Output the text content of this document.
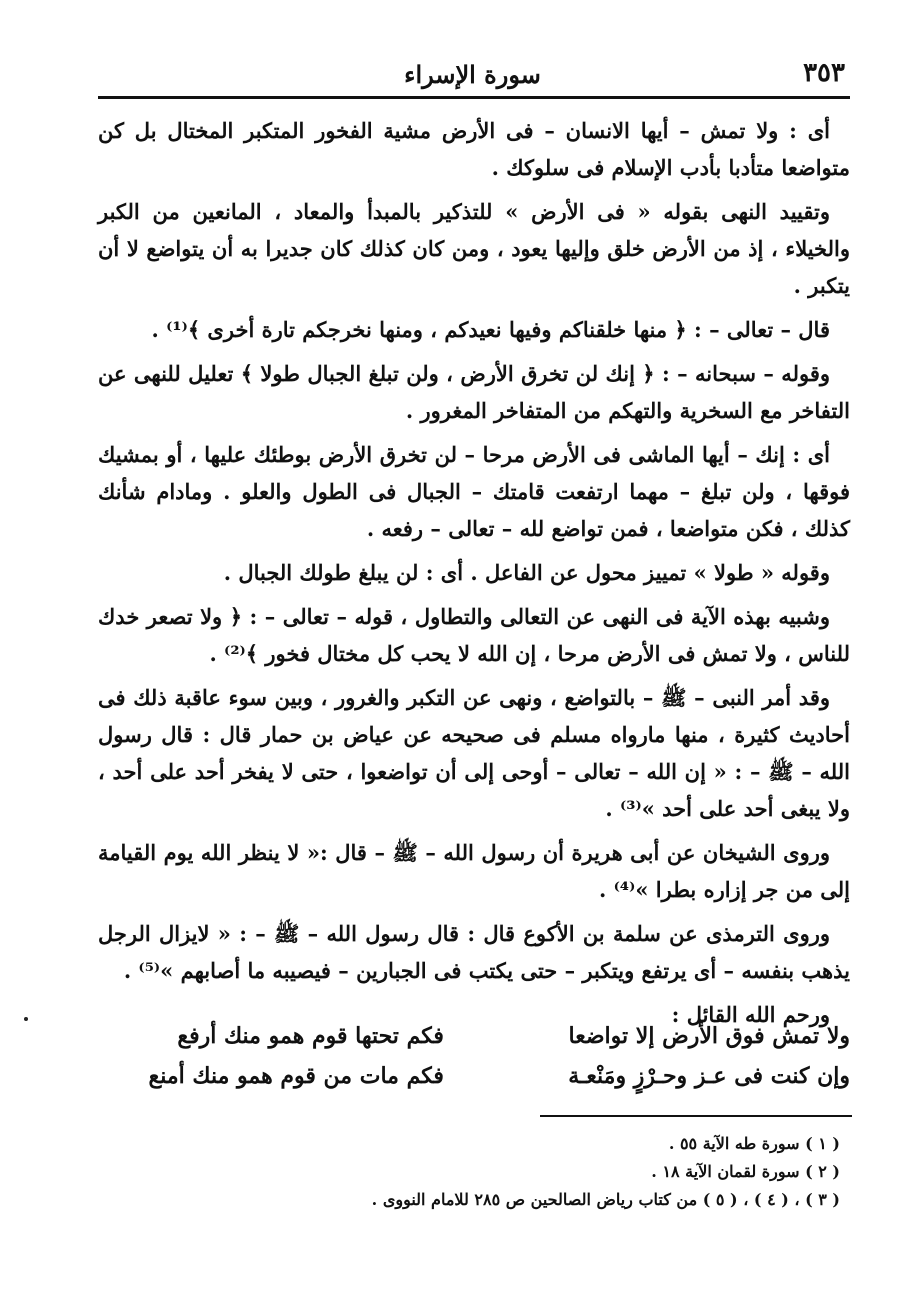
٣٥٣
سورة الإسراء

أى : ولا تمش – أيها الانسان – فى الأرض مشية الفخور المتكبر المختال بل كن متواضعا متأدبا بأدب الإسلام فى سلوكك .

وتقييد النهى بقوله « فى الأرض » للتذكير بالمبدأ والمعاد ، المانعين من الكبر والخيلاء ، إذ من الأرض خلق وإليها يعود ، ومن كان كذلك كان جديرا به أن يتواضع لا أن يتكبر .

قال – تعالى – : ﴿ منها خلقناكم وفيها نعيدكم ، ومنها نخرجكم تارة أخرى ﴾⁽¹⁾ .

وقوله – سبحانه – : ﴿ إنك لن تخرق الأرض ، ولن تبلغ الجبال طولا ﴾ تعليل للنهى عن التفاخر مع السخرية والتهكم من المتفاخر المغرور .

أى : إنك – أيها الماشى فى الأرض مرحا – لن تخرق الأرض بوطئك عليها ، أو بمشيك فوقها ، ولن تبلغ – مهما ارتفعت قامتك – الجبال فى الطول والعلو . ومادام شأنك كذلك ، فكن متواضعا ، فمن تواضع لله – تعالى – رفعه .

وقوله « طولا » تمييز محول عن الفاعل . أى : لن يبلغ طولك الجبال .

وشبيه بهذه الآية فى النهى عن التعالى والتطاول ، قوله – تعالى – : ﴿ ولا تصعر خدك للناس ، ولا تمش فى الأرض مرحا ، إن الله لا يحب كل مختال فخور ﴾⁽²⁾ .

وقد أمر النبى – ﷺ – بالتواضع ، ونهى عن التكبر والغرور ، وبين سوء عاقبة ذلك فى أحاديث كثيرة ، منها مارواه مسلم فى صحيحه عن عياض بن حمار قال : قال رسول الله – ﷺ – : « إن الله – تعالى – أوحى إلى أن تواضعوا ، حتى لا يفخر أحد على أحد ، ولا يبغى أحد على أحد »⁽³⁾ .

وروى الشيخان عن أبى هريرة أن رسول الله – ﷺ – قال :« لا ينظر الله يوم القيامة إلى من جر إزاره بطرا »⁽⁴⁾ .

وروى الترمذى عن سلمة بن الأكوع قال : قال رسول الله – ﷺ – : « لايزال الرجل يذهب بنفسه – أى يرتفع ويتكبر – حتى يكتب فى الجبارين – فيصيبه ما أصابهم »⁽⁵⁾ .

ورحم الله القائل :

ولا تمش فوق الأرض إلا تواضعا
فكم تحتها قوم همو منك أرفع
وإن كنت فى عـز وحـرْزٍ ومَنْعـة
فكم مات من قوم همو منك أمنع
( ١ ) سورة طه الآية ٥٥ .
( ٢ ) سورة لقمان الآية ١٨ .
( ٣ ) ، ( ٤ ) ، ( ٥ ) من كتاب رياض الصالحين ص ٢٨٥ للامام النووى .
